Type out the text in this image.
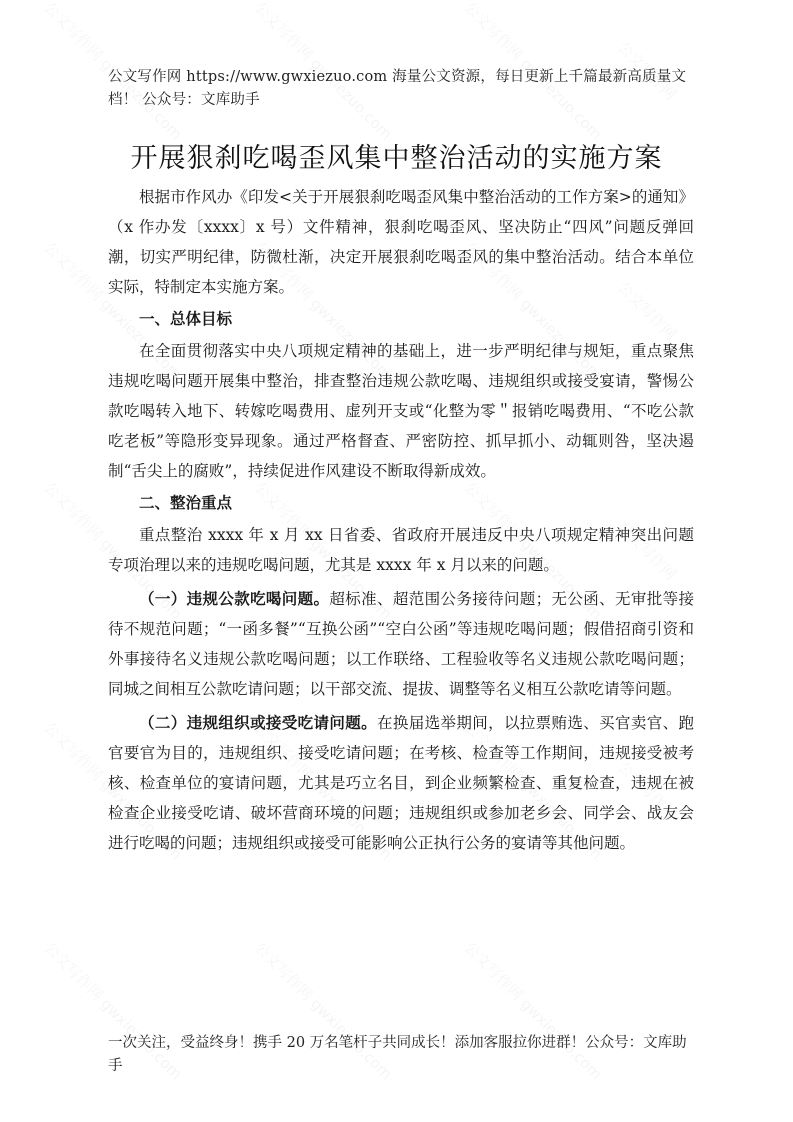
公文写作网 https://www.gwxiezuo.com 海量公文资源，每日更新上千篇最新高质量文档！ 公众号：文库助手
开展狠刹吃喝歪风集中整治活动的实施方案

根据市作风办《印发<关于开展狠刹吃喝歪风集中整治活动的工作方案>的通知》（x 作办发〔xxxx〕x 号）文件精神，狠刹吃喝歪风、坚决防止“四风”问题反弹回潮，切实严明纪律，防微杜渐，决定开展狠刹吃喝歪风的集中整治活动。结合本单位实际，特制定本实施方案。

一、总体目标

在全面贯彻落实中央八项规定精神的基础上，进一步严明纪律与规矩，重点聚焦违规吃喝问题开展集中整治，排查整治违规公款吃喝、违规组织或接受宴请，警惕公款吃喝转入地下、转嫁吃喝费用、虚列开支或“化整为零＂报销吃喝费用、“不吃公款吃老板”等隐形变异现象。通过严格督查、严密防控、抓早抓小、动辄则咎，坚决遏制“舌尖上的腐败”，持续促进作风建设不断取得新成效。

二、整治重点

重点整治 xxxx 年 x 月 xx 日省委、省政府开展违反中央八项规定精神突出问题专项治理以来的违规吃喝问题，尤其是 xxxx 年 x 月以来的问题。

（一）违规公款吃喝问题。超标准、超范围公务接待问题；无公函、无审批等接待不规范问题；“一函多餐”“互换公函”“空白公函”等违规吃喝问题；假借招商引资和外事接待名义违规公款吃喝问题；以工作联络、工程验收等名义违规公款吃喝问题；同城之间相互公款吃请问题；以干部交流、提拔、调整等名义相互公款吃请等问题。

（二）违规组织或接受吃请问题。在换届选举期间，以拉票贿选、买官卖官、跑官要官为目的，违规组织、接受吃请问题；在考核、检查等工作期间，违规接受被考核、检查单位的宴请问题，尤其是巧立名目，到企业频繁检查、重复检查，违规在被检查企业接受吃请、破坏营商环境的问题；违规组织或参加老乡会、同学会、战友会进行吃喝的问题；违规组织或接受可能影响公正执行公务的宴请等其他问题。

一次关注，受益终身！携手 20 万名笔杆子共同成长！添加客服拉你进群！公众号：文库助手
